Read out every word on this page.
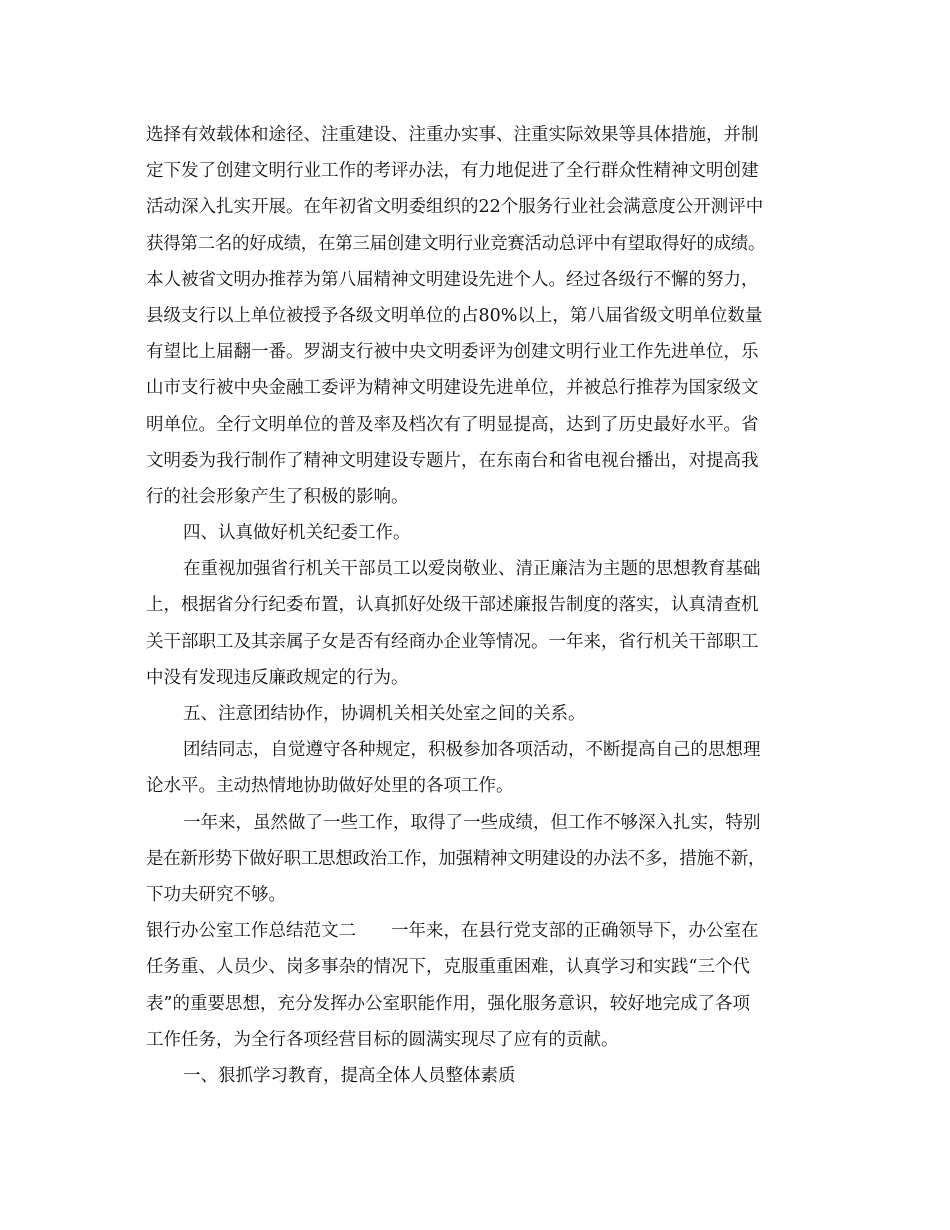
选择有效载体和途径、注重建设、注重办实事、注重实际效果等具体措施，并制
定下发了创建文明行业工作的考评办法，有力地促进了全行群众性精神文明创建
活动深入扎实开展。在年初省文明委组织的22个服务行业社会满意度公开测评中
获得第二名的好成绩，在第三届创建文明行业竞赛活动总评中有望取得好的成绩。
本人被省文明办推荐为第八届精神文明建设先进个人。经过各级行不懈的努力，
县级支行以上单位被授予各级文明单位的占80%以上，第八届省级文明单位数量
有望比上届翻一番。罗湖支行被中央文明委评为创建文明行业工作先进单位，乐
山市支行被中央金融工委评为精神文明建设先进单位，并被总行推荐为国家级文
明单位。全行文明单位的普及率及档次有了明显提高，达到了历史最好水平。省
文明委为我行制作了精神文明建设专题片，在东南台和省电视台播出，对提高我
行的社会形象产生了积极的影响。
四、认真做好机关纪委工作。
在重视加强省行机关干部员工以爱岗敬业、清正廉洁为主题的思想教育基础
上，根据省分行纪委布置，认真抓好处级干部述廉报告制度的落实，认真清查机
关干部职工及其亲属子女是否有经商办企业等情况。一年来，省行机关干部职工
中没有发现违反廉政规定的行为。
五、注意团结协作，协调机关相关处室之间的关系。
团结同志，自觉遵守各种规定，积极参加各项活动，不断提高自己的思想理
论水平。主动热情地协助做好处里的各项工作。
一年来，虽然做了一些工作，取得了一些成绩，但工作不够深入扎实，特别
是在新形势下做好职工思想政治工作，加强精神文明建设的办法不多，措施不新，
下功夫研究不够。
银行办公室工作总结范文二　　一年来，在县行党支部的正确领导下，办公室在
任务重、人员少、岗多事杂的情况下，克服重重困难，认真学习和实践“三个代
表”的重要思想，充分发挥办公室职能作用，强化服务意识，较好地完成了各项
工作任务，为全行各项经营目标的圆满实现尽了应有的贡献。
一、狠抓学习教育，提高全体人员整体素质
